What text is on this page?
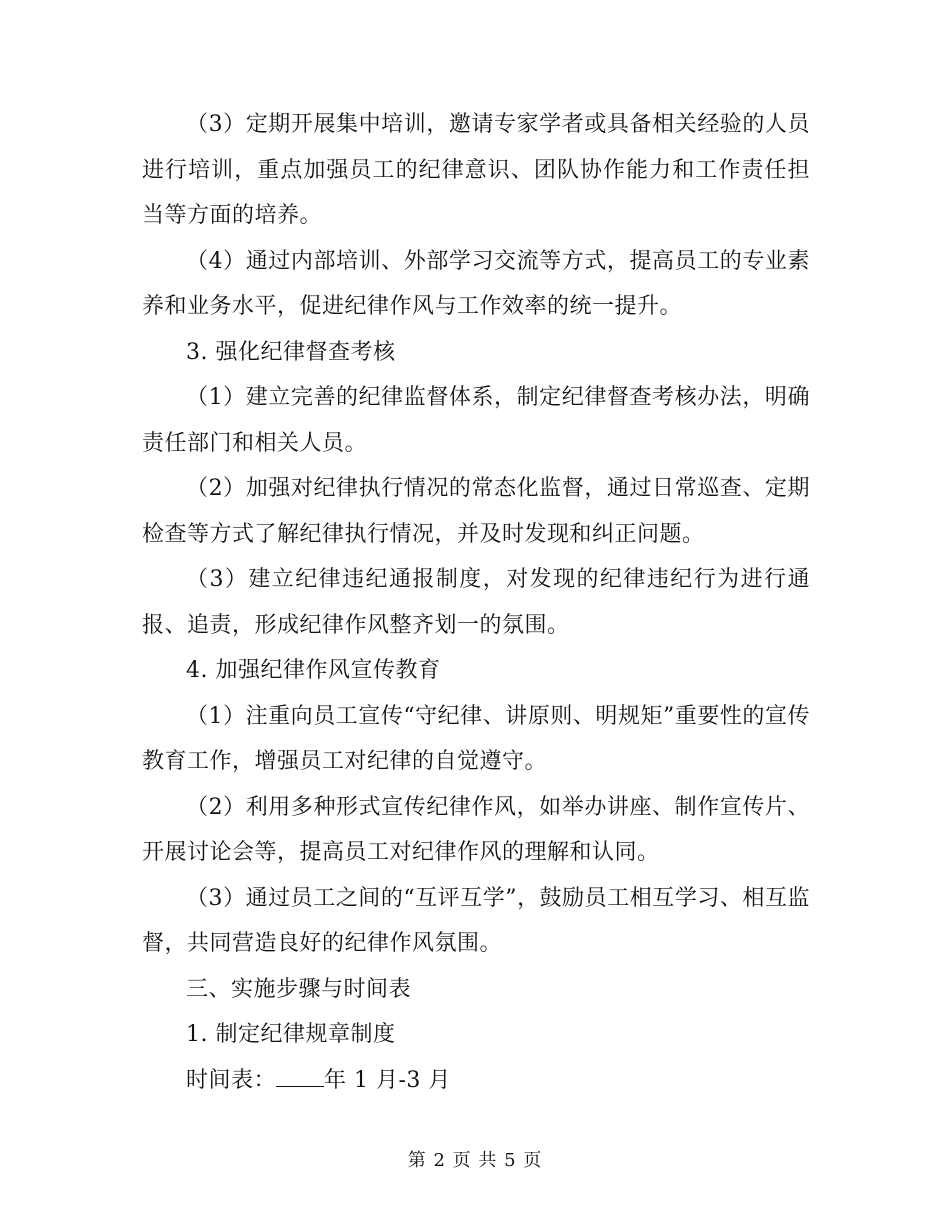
（3）定期开展集中培训，邀请专家学者或具备相关经验的人员进行培训，重点加强员工的纪律意识、团队协作能力和工作责任担当等方面的培养。

（4）通过内部培训、外部学习交流等方式，提高员工的专业素养和业务水平，促进纪律作风与工作效率的统一提升。

3. 强化纪律督查考核

（1）建立完善的纪律监督体系，制定纪律督查考核办法，明确责任部门和相关人员。

（2）加强对纪律执行情况的常态化监督，通过日常巡查、定期检查等方式了解纪律执行情况，并及时发现和纠正问题。

（3）建立纪律违纪通报制度，对发现的纪律违纪行为进行通报、追责，形成纪律作风整齐划一的氛围。

4. 加强纪律作风宣传教育

（1）注重向员工宣传“守纪律、讲原则、明规矩”重要性的宣传教育工作，增强员工对纪律的自觉遵守。

（2）利用多种形式宣传纪律作风，如举办讲座、制作宣传片、开展讨论会等，提高员工对纪律作风的理解和认同。

（3）通过员工之间的“互评互学”，鼓励员工相互学习、相互监督，共同营造良好的纪律作风氛围。

三、实施步骤与时间表

1. 制定纪律规章制度

时间表： 年 1 月-3 月

第 2 页 共 5 页
